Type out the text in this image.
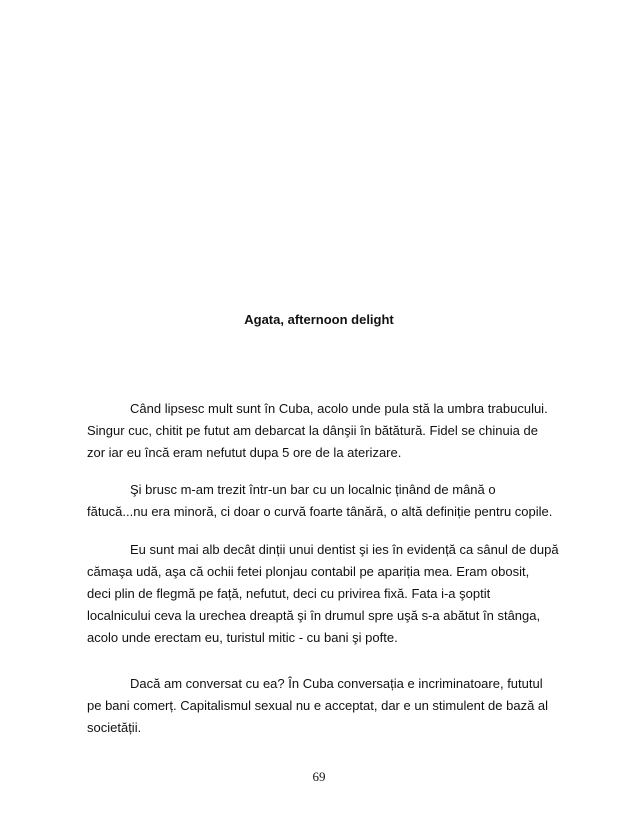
Agata, afternoon delight

Când lipsesc mult sunt în Cuba, acolo unde pula stă la umbra trabucului.
Singur cuc, chitit pe futut am debarcat la dânşii în bătătură. Fidel se chinuia de
zor iar eu încă eram nefutut dupa 5 ore de la aterizare.

Şi brusc m-am trezit într-un bar cu un localnic ținând de mână o
fătucă...nu era minoră, ci doar o curvă foarte tânără, o altă definiție pentru copile.

Eu sunt mai alb decât dinții unui dentist şi ies în evidență ca sânul de după
cămaşa udă, aşa că ochii fetei plonjau contabil pe apariția mea. Eram obosit,
deci plin de flegmă pe față, nefutut, deci cu privirea fixă. Fata i-a şoptit
localnicului ceva la urechea dreaptă şi în drumul spre uşă s-a abătut în stânga,
acolo unde erectam eu, turistul mitic - cu bani şi pofte.

Dacă am conversat cu ea? În Cuba conversația e incriminatoare, fututul
pe bani comerț. Capitalismul sexual nu e acceptat, dar e un stimulent de bază al
societății.

69
